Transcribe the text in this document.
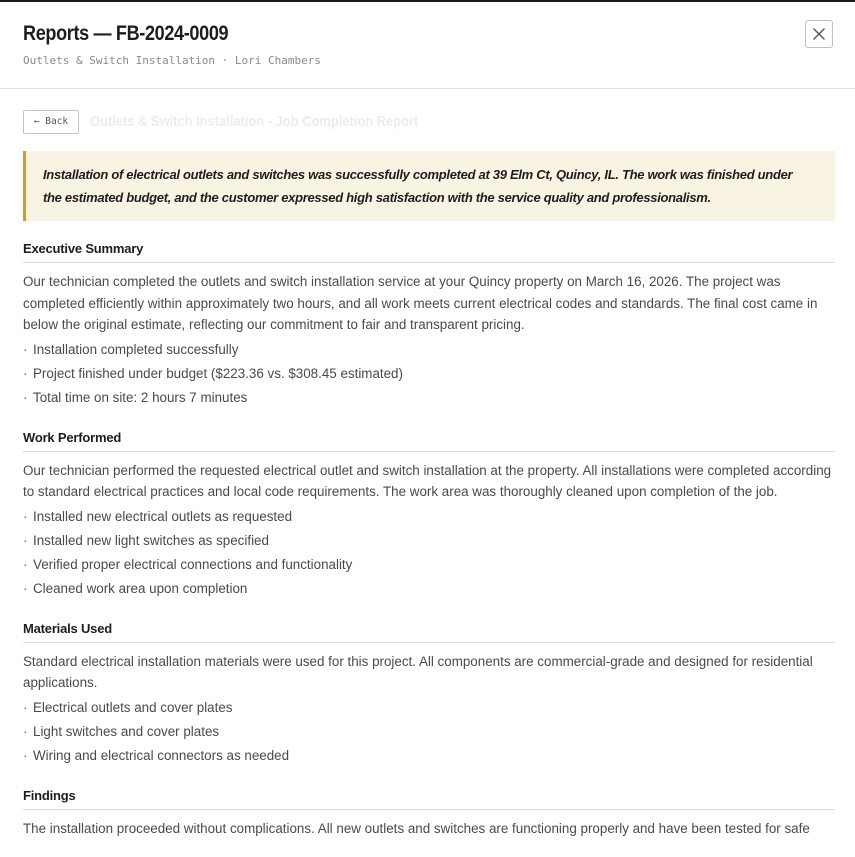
Reports — FB-2024-0009
Outlets & Switch Installation · Lori Chambers
← Back	Outlets & Switch Installation - Job Completion Report

Installation of electrical outlets and switches was successfully completed at 39 Elm Ct, Quincy, IL. The work was finished under the estimated budget, and the customer expressed high satisfaction with the service quality and professionalism.

Executive Summary

Our technician completed the outlets and switch installation service at your Quincy property on March 16, 2026. The project was completed efficiently within approximately two hours, and all work meets current electrical codes and standards. The final cost came in below the original estimate, reflecting our commitment to fair and transparent pricing.

· Installation completed successfully
· Project finished under budget ($223.36 vs. $308.45 estimated)
· Total time on site: 2 hours 7 minutes
Work Performed

Our technician performed the requested electrical outlet and switch installation at the property. All installations were completed according to standard electrical practices and local code requirements. The work area was thoroughly cleaned upon completion of the job.

· Installed new electrical outlets as requested
· Installed new light switches as specified
· Verified proper electrical connections and functionality
· Cleaned work area upon completion
Materials Used

Standard electrical installation materials were used for this project. All components are commercial-grade and designed for residential applications.

· Electrical outlets and cover plates
· Light switches and cover plates
· Wiring and electrical connectors as needed
Findings

The installation proceeded without complications. All new outlets and switches are functioning properly and have been tested for safe
